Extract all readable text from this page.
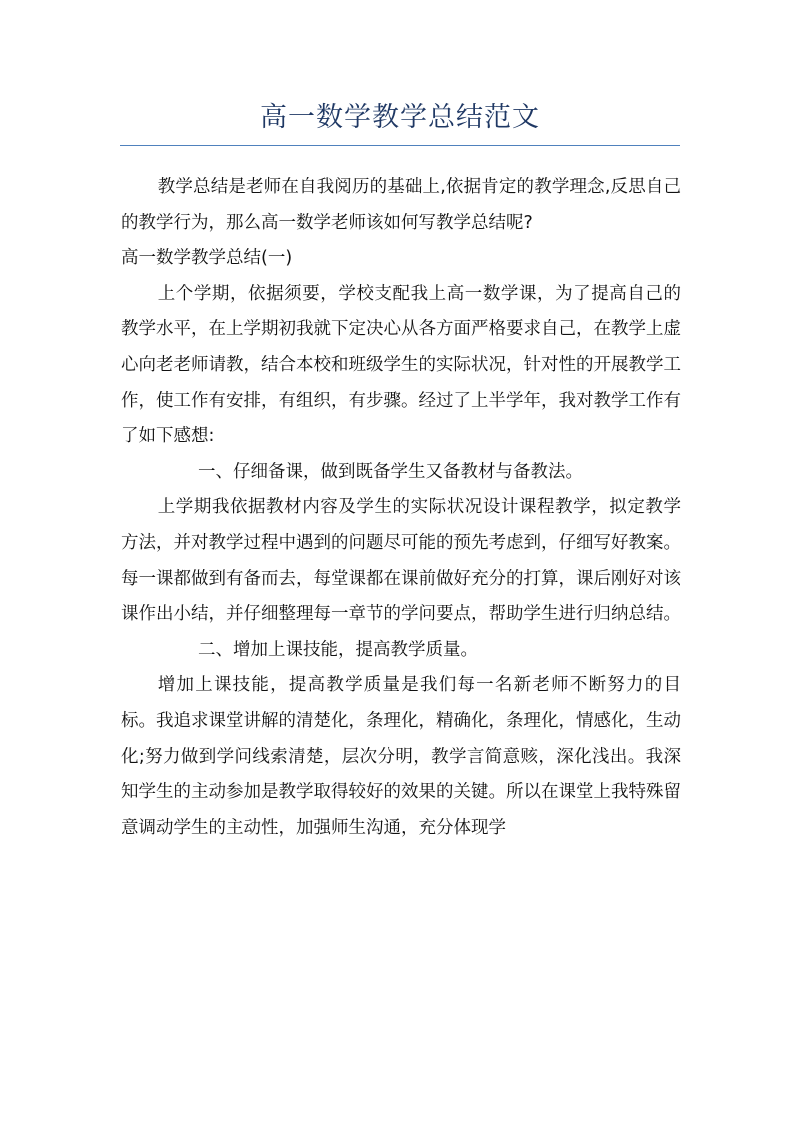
高一数学教学总结范文

教学总结是老师在自我阅历的基础上,依据肯定的教学理念,反思自己的教学行为，那么高一数学老师该如何写教学总结呢?

高一数学教学总结(一)

上个学期，依据须要，学校支配我上高一数学课，为了提高自己的教学水平，在上学期初我就下定决心从各方面严格要求自己，在教学上虚心向老老师请教，结合本校和班级学生的实际状况，针对性的开展教学工作，使工作有安排，有组织，有步骤。经过了上半学年，我对教学工作有了如下感想:

一、仔细备课，做到既备学生又备教材与备教法。

上学期我依据教材内容及学生的实际状况设计课程教学，拟定教学方法，并对教学过程中遇到的问题尽可能的预先考虑到，仔细写好教案。每一课都做到有备而去，每堂课都在课前做好充分的打算，课后刚好对该课作出小结，并仔细整理每一章节的学问要点，帮助学生进行归纳总结。

二、增加上课技能，提高教学质量。

增加上课技能，提高教学质量是我们每一名新老师不断努力的目标。我追求课堂讲解的清楚化，条理化，精确化，条理化，情感化，生动化;努力做到学问线索清楚，层次分明，教学言简意赅，深化浅出。我深知学生的主动参加是教学取得较好的效果的关键。所以在课堂上我特殊留意调动学生的主动性，加强师生沟通，充分体现学
